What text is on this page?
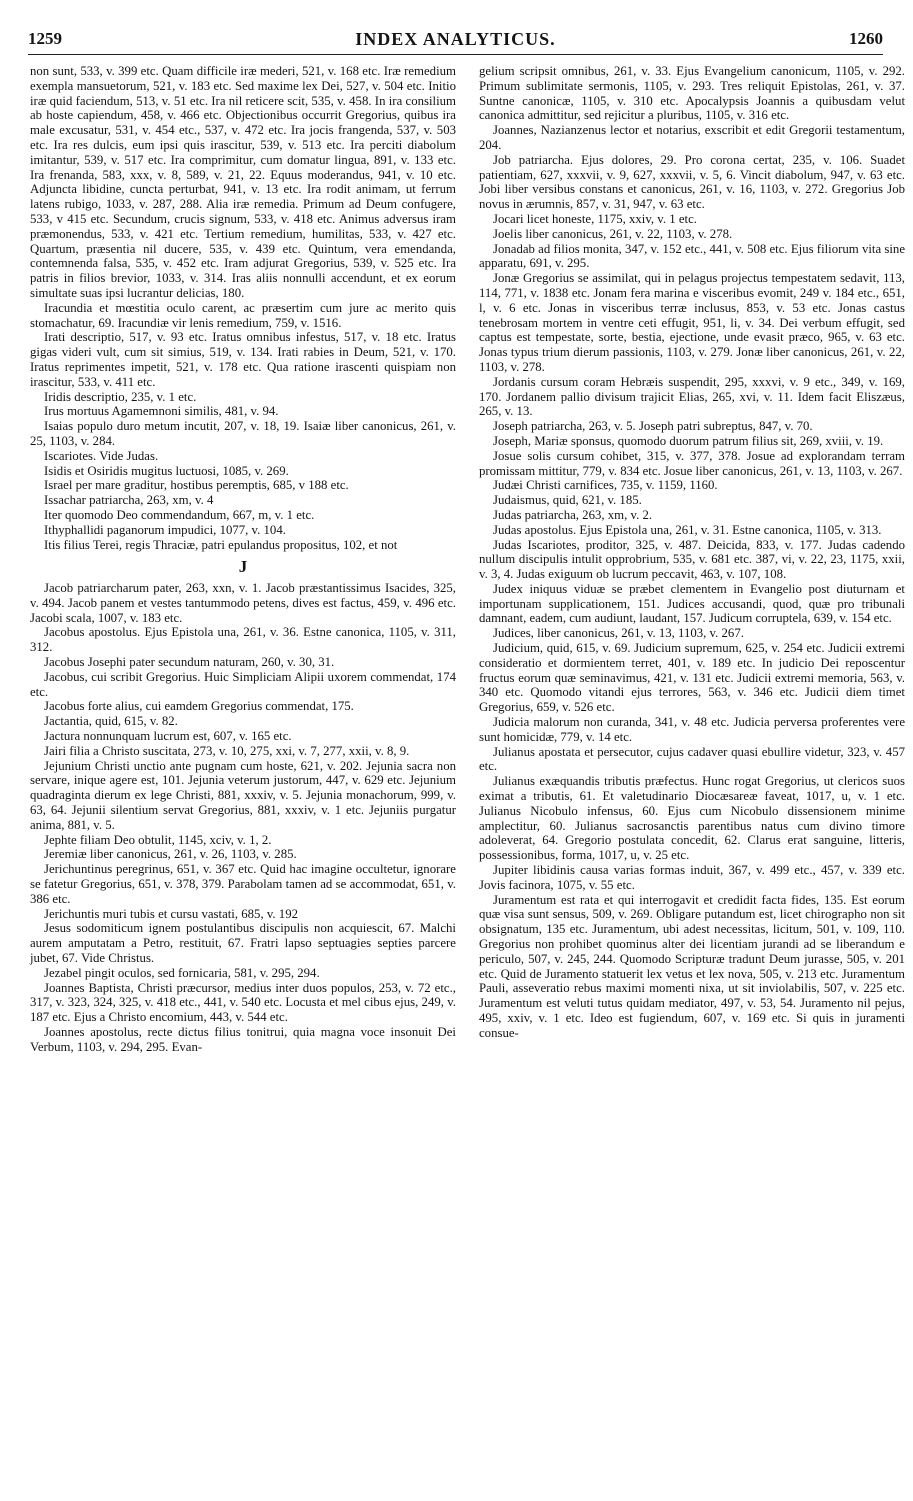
1259	INDEX ANALYTICUS.	1260

non sunt, 533, v. 399 etc. Quam difficile iræ mederi, 521, v. 168 etc. Iræ remedium exempla mansuetorum, 521, v. 183 etc. Sed maxime lex Dei, 527, v. 504 etc. Initio iræ quid faciendum, 513, v. 51 etc. Ira nil reticere scit, 535, v. 458. In ira consilium ab hoste capiendum, 458, v. 466 etc. Objectionibus occurrit Gregorius, quibus ira male excusatur, 531, v. 454 etc., 537, v. 472 etc. Ira jocis frangenda, 537, v. 503 etc. Ira res dulcis, eum ipsi quis irascitur, 539, v. 513 etc. Ira perciti diabolum imitantur, 539, v. 517 etc. Ira comprimitur, cum domatur lingua, 891, v. 133 etc. Ira frenanda, 583, xxx, v. 8, 589, v. 21, 22. Equus moderandus, 941, v. 10 etc. Adjuncta libidine, cuncta perturbat, 941, v. 13 etc. Ira rodit animam, ut ferrum latens rubigo, 1033, v. 287, 288. Alia iræ remedia. Primum ad Deum confugere, 533, v 415 etc. Secundum, crucis signum, 533, v. 418 etc. Animus adversus iram præmonendus, 533, v. 421 etc. Tertium remedium, humilitas, 533, v. 427 etc. Quartum, præsentia nil ducere, 535, v. 439 etc. Quintum, vera emendanda, contemnenda falsa, 535, v. 452 etc. Iram adjurat Gregorius, 539, v. 525 etc. Ira patris in filios brevior, 1033, v. 314. Iras aliis nonnulli accendunt, et ex eorum simultate suas ipsi lucrantur delicias, 180.

Iracundia et mœstitia oculo carent, ac præsertim cum jure ac merito quis stomachatur, 69. Iracundiæ vir lenis remedium, 759, v. 1516.

Irati descriptio, 517, v. 93 etc. Iratus omnibus infestus, 517, v. 18 etc. Iratus gigas videri vult, cum sit simius, 519, v. 134. Irati rabies in Deum, 521, v. 170. Iratus reprimentes impetit, 521, v. 178 etc. Qua ratione irascenti quispiam non irascitur, 533, v. 411 etc.

Iridis descriptio, 235, v. 1 etc.

Irus mortuus Agamemnoni similis, 481, v. 94.

Isaias populo duro metum incutit, 207, v. 18, 19. Isaiæ liber canonicus, 261, v. 25, 1103, v. 284.

Iscariotes. Vide Judas.

Isidis et Osiridis mugitus luctuosi, 1085, v. 269.

Israel per mare graditur, hostibus peremptis, 685, v 188 etc.

Issachar patriarcha, 263, xm, v. 4

Iter quomodo Deo commendandum, 667, m, v. 1 etc.

Ithyphallidi paganorum impudici, 1077, v. 104.

Itis filius Terei, regis Thraciæ, patri epulandus propositus, 102, et not

J

Jacob patriarcharum pater, 263, xxn, v. 1. Jacob præstantissimus Isacides, 325, v. 494. Jacob panem et vestes tantummodo petens, dives est factus, 459, v. 496 etc. Jacobi scala, 1007, v. 183 etc.

Jacobus apostolus. Ejus Epistola una, 261, v. 36. Estne canonica, 1105, v. 311, 312.

Jacobus Josephi pater secundum naturam, 260, v. 30, 31.

Jacobus, cui scribit Gregorius. Huic Simpliciam Alipii uxorem commendat, 174 etc.

Jacobus forte alius, cui eamdem Gregorius commendat, 175.

Jactantia, quid, 615, v. 82.

Jactura nonnunquam lucrum est, 607, v. 165 etc.

Jairi filia a Christo suscitata, 273, v. 10, 275, xxi, v. 7, 277, xxii, v. 8, 9.

Jejunium Christi unctio ante pugnam cum hoste, 621, v. 202. Jejunia sacra non servare, inique agere est, 101. Jejunia veterum justorum, 447, v. 629 etc. Jejunium quadraginta dierum ex lege Christi, 881, xxxiv, v. 5. Jejunia monachorum, 999, v. 63, 64. Jejunii silentium servat Gregorius, 881, xxxiv, v. 1 etc. Jejuniis purgatur anima, 881, v. 5.

Jephte filiam Deo obtulit, 1145, xciv, v. 1, 2.

Jeremiæ liber canonicus, 261, v. 26, 1103, v. 285.

Jerichuntinus peregrinus, 651, v. 367 etc. Quid hac imagine occultetur, ignorare se fatetur Gregorius, 651, v. 378, 379. Parabolam tamen ad se accommodat, 651, v. 386 etc.

Jerichuntis muri tubis et cursu vastati, 685, v. 192

Jesus sodomiticum ignem postulantibus discipulis non acquiescit, 67. Malchi aurem amputatam a Petro, restituit, 67. Fratri lapso septuagies septies parcere jubet, 67. Vide Christus.

Jezabel pingit oculos, sed fornicaria, 581, v. 295, 294.

Joannes Baptista, Christi præcursor, medius inter duos populos, 253, v. 72 etc., 317, v. 323, 324, 325, v. 418 etc., 441, v. 540 etc. Locusta et mel cibus ejus, 249, v. 187 etc. Ejus a Christo encomium, 443, v. 544 etc.

Joannes apostolus, recte dictus filius tonitrui, quia magna voce insonuit Dei Verbum, 1103, v. 294, 295. Evan-

gelium scripsit omnibus, 261, v. 33. Ejus Evangelium canonicum, 1105, v. 292. Primum sublimitate sermonis, 1105, v. 293. Tres reliquit Epistolas, 261, v. 37. Suntne canonicæ, 1105, v. 310 etc. Apocalypsis Joannis a quibusdam velut canonica admittitur, sed rejicitur a pluribus, 1105, v. 316 etc.

Joannes, Nazianzenus lector et notarius, exscribit et edit Gregorii testamentum, 204.

Job patriarcha. Ejus dolores, 29. Pro corona certat, 235, v. 106. Suadet patientiam, 627, xxxvii, v. 9, 627, xxxvii, v. 5, 6. Vincit diabolum, 947, v. 63 etc. Jobi liber versibus constans et canonicus, 261, v. 16, 1103, v. 272. Gregorius Job novus in ærumnis, 857, v. 31, 947, v. 63 etc.

Jocari licet honeste, 1175, xxiv, v. 1 etc.

Joelis liber canonicus, 261, v. 22, 1103, v. 278.

Jonadab ad filios monita, 347, v. 152 etc., 441, v. 508 etc. Ejus filiorum vita sine apparatu, 691, v. 295.

Jonæ Gregorius se assimilat, qui in pelagus projectus tempestatem sedavit, 113, 114, 771, v. 1838 etc. Jonam fera marina e visceribus evomit, 249 v. 184 etc., 651, l, v. 6 etc. Jonas in visceribus terræ inclusus, 853, v. 53 etc. Jonas castus tenebrosam mortem in ventre ceti effugit, 951, li, v. 34. Dei verbum effugit, sed captus est tempestate, sorte, bestia, ejectione, unde evasit præco, 965, v. 63 etc. Jonas typus trium dierum passionis, 1103, v. 279. Jonæ liber canonicus, 261, v. 22, 1103, v. 278.

Jordanis cursum coram Hebræis suspendit, 295, xxxvi, v. 9 etc., 349, v. 169, 170. Jordanem pallio divisum trajicit Elias, 265, xvi, v. 11. Idem facit Eliszæus, 265, v. 13.

Joseph patriarcha, 263, v. 5. Joseph patri subreptus, 847, v. 70.

Joseph, Mariæ sponsus, quomodo duorum patrum filius sit, 269, xviii, v. 19.

Josue solis cursum cohibet, 315, v. 377, 378. Josue ad explorandam terram promissam mittitur, 779, v. 834 etc. Josue liber canonicus, 261, v. 13, 1103, v. 267.

Judæi Christi carnifices, 735, v. 1159, 1160.

Judaismus, quid, 621, v. 185.

Judas patriarcha, 263, xm, v. 2.

Judas apostolus. Ejus Epistola una, 261, v. 31. Estne canonica, 1105, v. 313.

Judas Iscariotes, proditor, 325, v. 487. Deicida, 833, v. 177. Judas cadendo nullum discipulis intulit opprobrium, 535, v. 681 etc. 387, vi, v. 22, 23, 1175, xxii, v. 3, 4. Judas exiguum ob lucrum peccavit, 463, v. 107, 108.

Judex iniquus viduæ se præbet clementem in Evangelio post diuturnam et importunam supplicationem, 151. Judices accusandi, quod, quæ pro tribunali damnant, eadem, cum audiunt, laudant, 157. Judicum corruptela, 639, v. 154 etc.

Judices, liber canonicus, 261, v. 13, 1103, v. 267.

Judicium, quid, 615, v. 69. Judicium supremum, 625, v. 254 etc. Judicii extremi consideratio et dormientem terret, 401, v. 189 etc. In judicio Dei reposcentur fructus eorum quæ seminavimus, 421, v. 131 etc. Judicii extremi memoria, 563, v. 340 etc. Quomodo vitandi ejus terrores, 563, v. 346 etc. Judicii diem timet Gregorius, 659, v. 526 etc.

Judicia malorum non curanda, 341, v. 48 etc. Judicia perversa proferentes vere sunt homicidæ, 779, v. 14 etc.

Julianus apostata et persecutor, cujus cadaver quasi ebullire videtur, 323, v. 457 etc.

Julianus exæquandis tributis præfectus. Hunc rogat Gregorius, ut clericos suos eximat a tributis, 61. Et valetudinario Diocæsareæ faveat, 1017, u, v. 1 etc. Julianus Nicobulo infensus, 60. Ejus cum Nicobulo dissensionem minime amplectitur, 60. Julianus sacrosanctis parentibus natus cum divino timore adoleverat, 64. Gregorio postulata concedit, 62. Clarus erat sanguine, litteris, possessionibus, forma, 1017, u, v. 25 etc.

Jupiter libidinis causa varias formas induit, 367, v. 499 etc., 457, v. 339 etc. Jovis facinora, 1075, v. 55 etc.

Juramentum est rata et qui interrogavit et credidit facta fides, 135. Est eorum quæ visa sunt sensus, 509, v. 269. Obligare putandum est, licet chirographo non sit obsignatum, 135 etc. Juramentum, ubi adest necessitas, licitum, 501, v. 109, 110. Gregorius non prohibet quominus alter dei licentiam jurandi ad se liberandum e periculo, 507, v. 245, 244. Quomodo Scripturæ tradunt Deum jurasse, 505, v. 201 etc. Quid de Juramento statuerit lex vetus et lex nova, 505, v. 213 etc. Juramentum Pauli, asseveratio rebus maximi momenti nixa, ut sit inviolabilis, 507, v. 225 etc. Juramentum est veluti tutus quidam mediator, 497, v. 53, 54. Juramento nil pejus, 495, xxiv, v. 1 etc. Ideo est fugiendum, 607, v. 169 etc. Si quis in juramenti consue-
